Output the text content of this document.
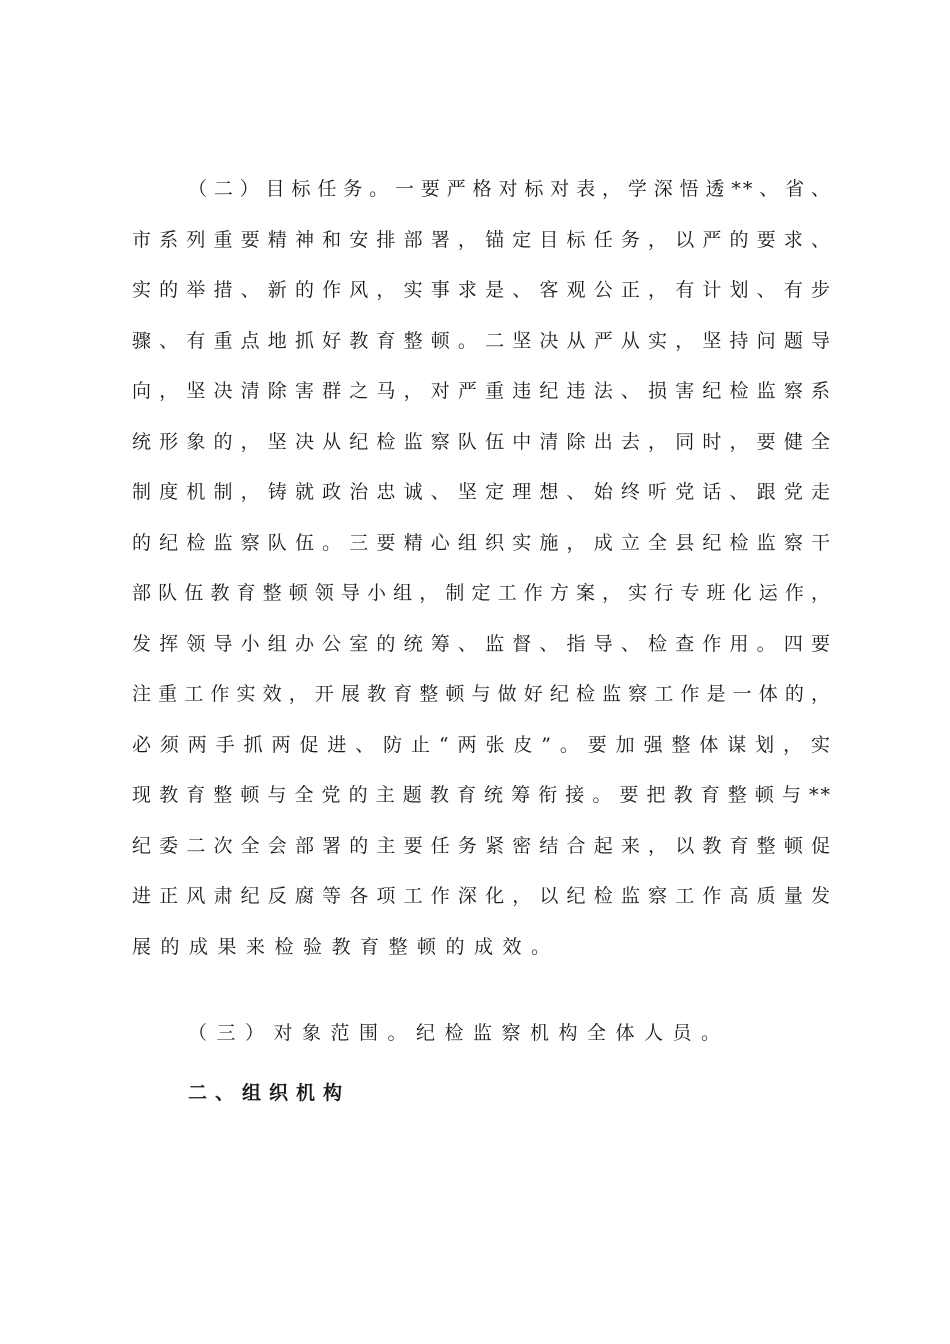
（二）目标任务。一要严格对标对表，学深悟透**、省、
市系列重要精神和安排部署，锚定目标任务，以严的要求、
实的举措、新的作风，实事求是、客观公正，有计划、有步
骤、有重点地抓好教育整顿。二坚决从严从实，坚持问题导
向，坚决清除害群之马，对严重违纪违法、损害纪检监察系
统形象的，坚决从纪检监察队伍中清除出去，同时，要健全
制度机制，铸就政治忠诚、坚定理想、始终听党话、跟党走
的纪检监察队伍。三要精心组织实施，成立全县纪检监察干
部队伍教育整顿领导小组，制定工作方案，实行专班化运作，
发挥领导小组办公室的统筹、监督、指导、检查作用。四要
注重工作实效，开展教育整顿与做好纪检监察工作是一体的，
必须两手抓两促进、防止“两张皮”。要加强整体谋划，实
现教育整顿与全党的主题教育统筹衔接。要把教育整顿与**
纪委二次全会部署的主要任务紧密结合起来，以教育整顿促
进正风肃纪反腐等各项工作深化，以纪检监察工作高质量发
展的成果来检验教育整顿的成效。
（三）对象范围。纪检监察机构全体人员。
二、组织机构
